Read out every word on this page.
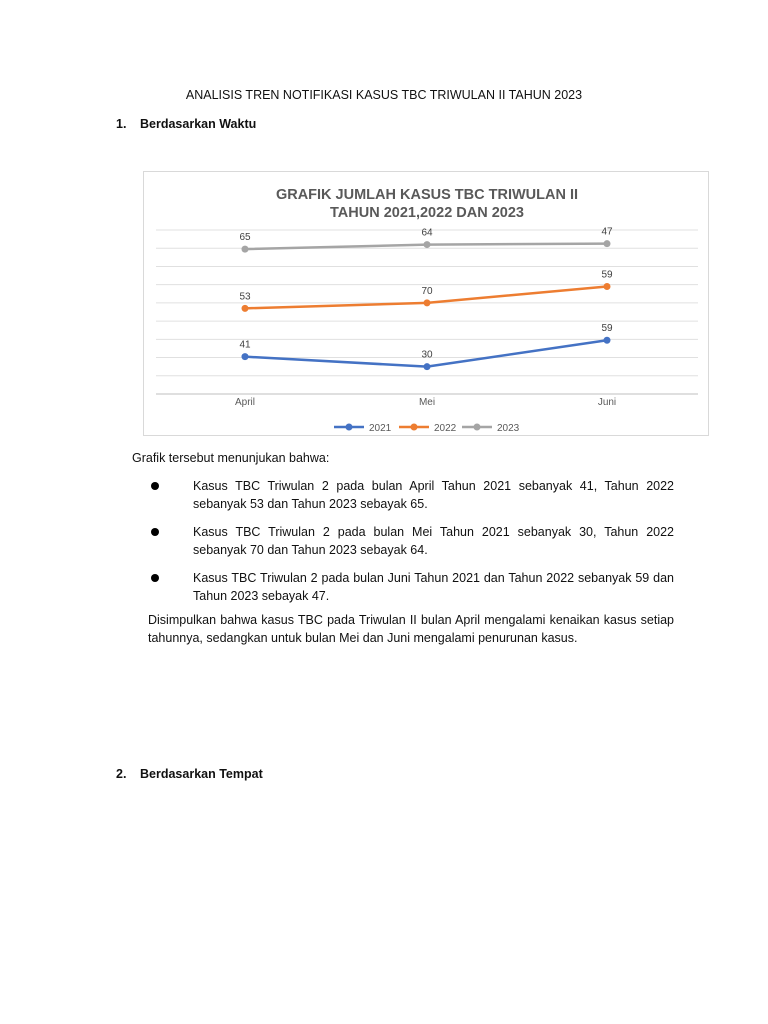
ANALISIS TREN NOTIFIKASI KASUS TBC TRIWULAN II TAHUN 2023
1. Berdasarkan Waktu
GRAFIK JUMLAH KASUS TBC TRIWULAN II
TAHUN 2021,2022 DAN 2023
April	Mei	Juni
41
30
59
53	70
59
65	64	47
2021	2022	2023
Grafik tersebut menunjukan bahwa:
Kasus TBC Triwulan 2 pada bulan April Tahun 2021 sebanyak 41, Tahun 2022 sebanyak 53 dan Tahun 2023 sebayak 65.
Kasus TBC Triwulan 2 pada bulan Mei Tahun 2021 sebanyak 30, Tahun 2022 sebanyak 70 dan Tahun 2023 sebayak 64.
Kasus TBC Triwulan 2 pada bulan Juni Tahun 2021 dan Tahun 2022 sebanyak 59 dan Tahun 2023 sebayak 47.
Disimpulkan bahwa kasus TBC pada Triwulan II bulan April mengalami kenaikan kasus setiap tahunnya, sedangkan untuk bulan Mei dan Juni mengalami penurunan kasus.
2. Berdasarkan Tempat
